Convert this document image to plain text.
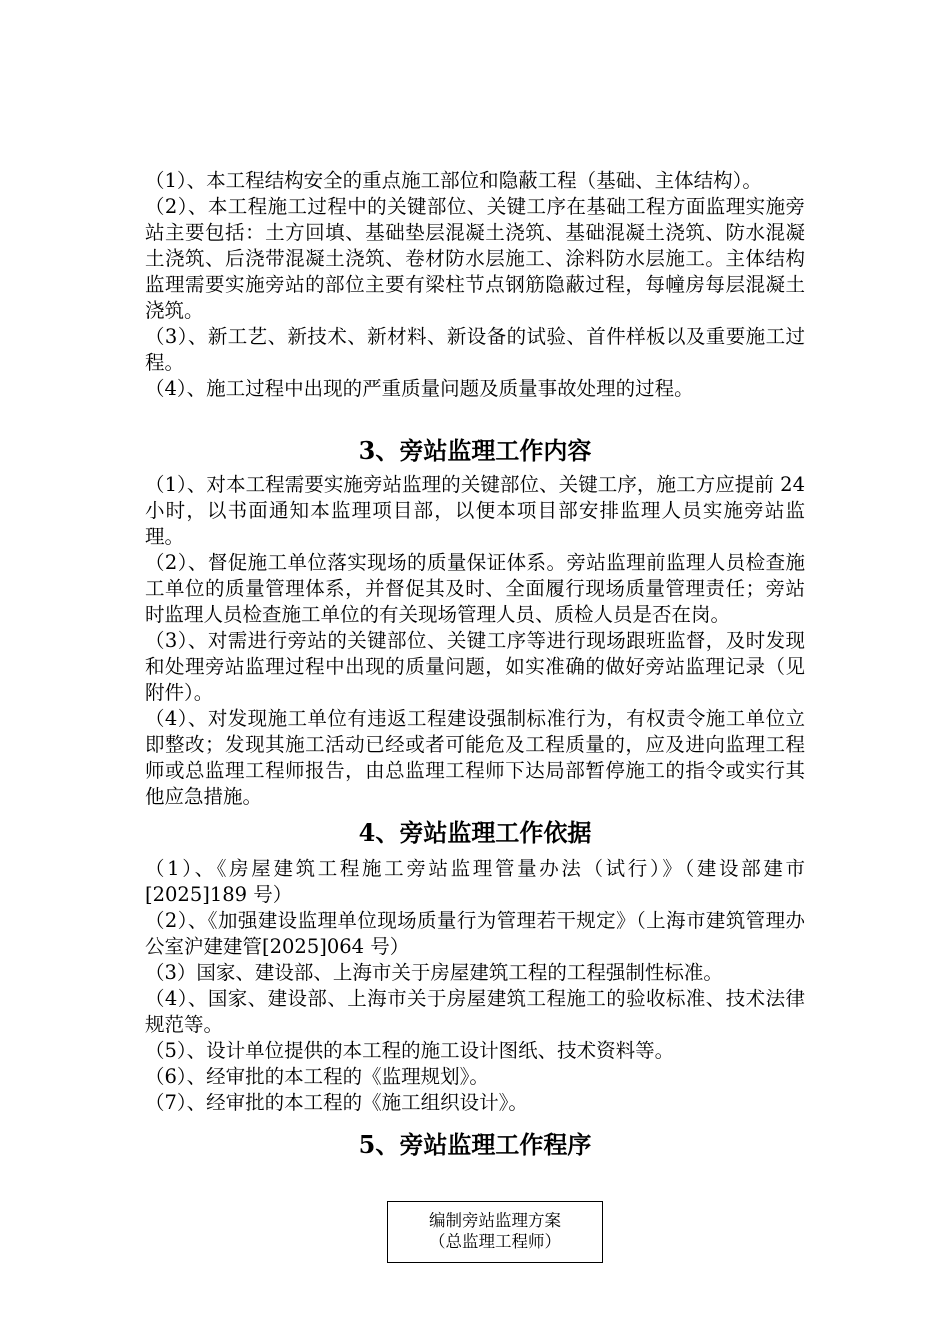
（1）、本工程结构安全的重点施工部位和隐蔽工程（基础、主体结构）。

（2）、本工程施工过程中的关键部位、关键工序在基础工程方面监理实施旁站主要包括：土方回填、基础垫层混凝土浇筑、基础混凝土浇筑、防水混凝土浇筑、后浇带混凝土浇筑、卷材防水层施工、涂料防水层施工。主体结构监理需要实施旁站的部位主要有梁柱节点钢筋隐蔽过程，每幢房每层混凝土浇筑。

（3）、新工艺、新技术、新材料、新设备的试验、首件样板以及重要施工过程。

（4）、施工过程中出现的严重质量问题及质量事故处理的过程。

3、旁站监理工作内容

（1）、对本工程需要实施旁站监理的关键部位、关键工序，施工方应提前 24 小时，以书面通知本监理项目部，以便本项目部安排监理人员实施旁站监理。

（2）、督促施工单位落实现场的质量保证体系。旁站监理前监理人员检查施工单位的质量管理体系，并督促其及时、全面履行现场质量管理责任；旁站时监理人员检查施工单位的有关现场管理人员、质检人员是否在岗。

（3）、对需进行旁站的关键部位、关键工序等进行现场跟班监督，及时发现和处理旁站监理过程中出现的质量问题，如实准确的做好旁站监理记录（见附件）。

（4）、对发现施工单位有违返工程建设强制标准行为，有权责令施工单位立即整改；发现其施工活动已经或者可能危及工程质量的，应及进向监理工程师或总监理工程师报告，由总监理工程师下达局部暂停施工的指令或实行其他应急措施。

4、旁站监理工作依据

（1）、《房屋建筑工程施工旁站监理管量办法（试行）》（建设部建市[2025]189 号）

（2）、《加强建设监理单位现场质量行为管理若干规定》（上海市建筑管理办公室沪建建管[2025]064 号）

（3）国家、建设部、上海市关于房屋建筑工程的工程强制性标准。

（4）、国家、建设部、上海市关于房屋建筑工程施工的验收标准、技术法律规范等。

（5）、设计单位提供的本工程的施工设计图纸、技术资料等。

（6）、经审批的本工程的《监理规划》。

（7）、经审批的本工程的《施工组织设计》。

5、旁站监理工作程序
编制旁站监理方案
（总监理工程师）
